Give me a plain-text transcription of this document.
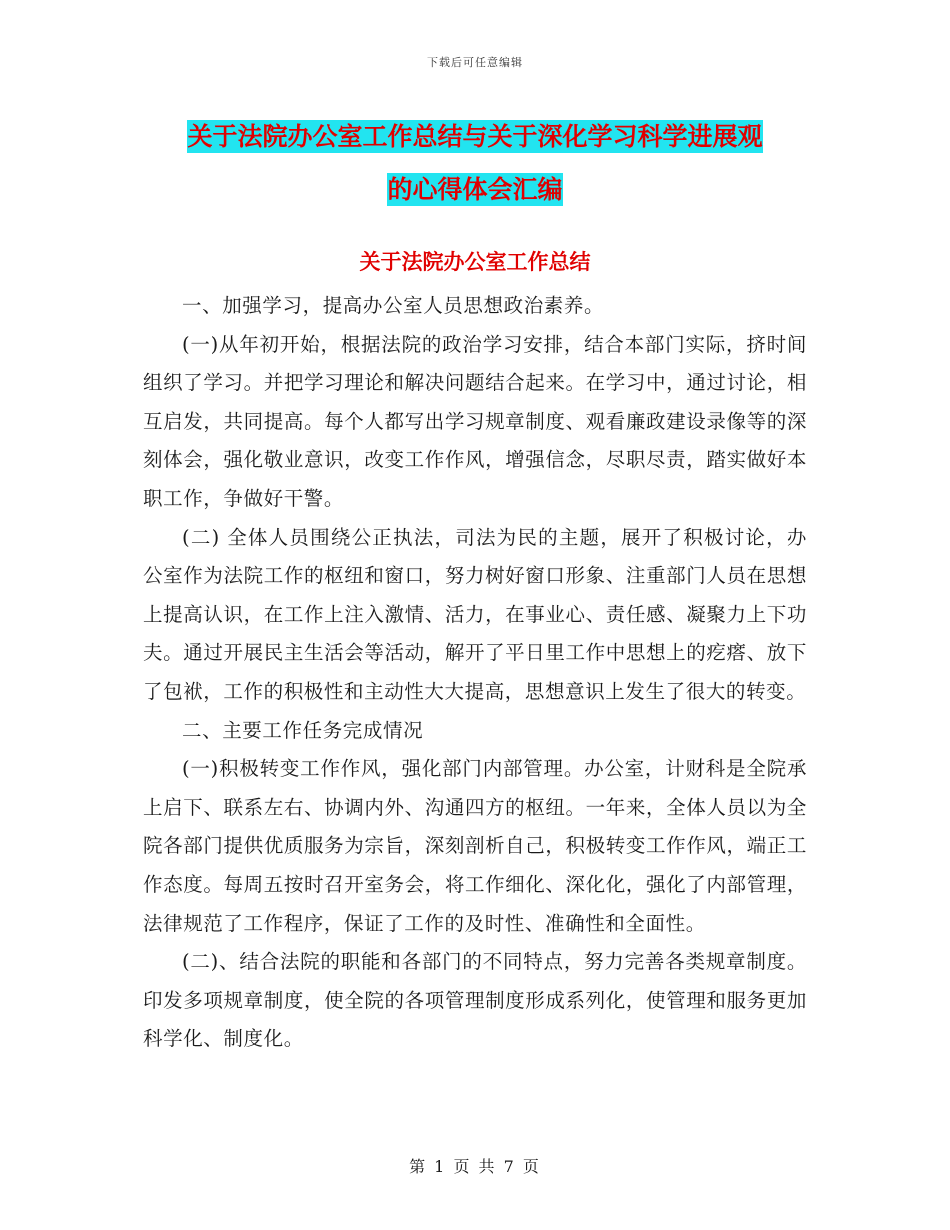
下载后可任意编辑
关于法院办公室工作总结与关于深化学习科学进展观
的心得体会汇编
关于法院办公室工作总结

一、加强学习，提高办公室人员思想政治素养。

(一)从年初开始，根据法院的政治学习安排，结合本部门实际，挤时间组织了学习。并把学习理论和解决问题结合起来。在学习中，通过讨论，相互启发，共同提高。每个人都写出学习规章制度、观看廉政建设录像等的深刻体会，强化敬业意识，改变工作作风，增强信念，尽职尽责，踏实做好本职工作，争做好干警。

(二) 全体人员围绕公正执法，司法为民的主题，展开了积极讨论，办公室作为法院工作的枢纽和窗口，努力树好窗口形象、注重部门人员在思想上提高认识，在工作上注入激情、活力，在事业心、责任感、凝聚力上下功夫。通过开展民主生活会等活动，解开了平日里工作中思想上的疙瘩、放下了包袱，工作的积极性和主动性大大提高，思想意识上发生了很大的转变。

二、主要工作任务完成情况

(一)积极转变工作作风，强化部门内部管理。办公室，计财科是全院承上启下、联系左右、协调内外、沟通四方的枢纽。一年来，全体人员以为全院各部门提供优质服务为宗旨，深刻剖析自己，积极转变工作作风，端正工作态度。每周五按时召开室务会，将工作细化、深化化，强化了内部管理，法律规范了工作程序，保证了工作的及时性、准确性和全面性。

(二)、结合法院的职能和各部门的不同特点，努力完善各类规章制度。印发多项规章制度，使全院的各项管理制度形成系列化，使管理和服务更加科学化、制度化。

第 1 页 共 7 页
